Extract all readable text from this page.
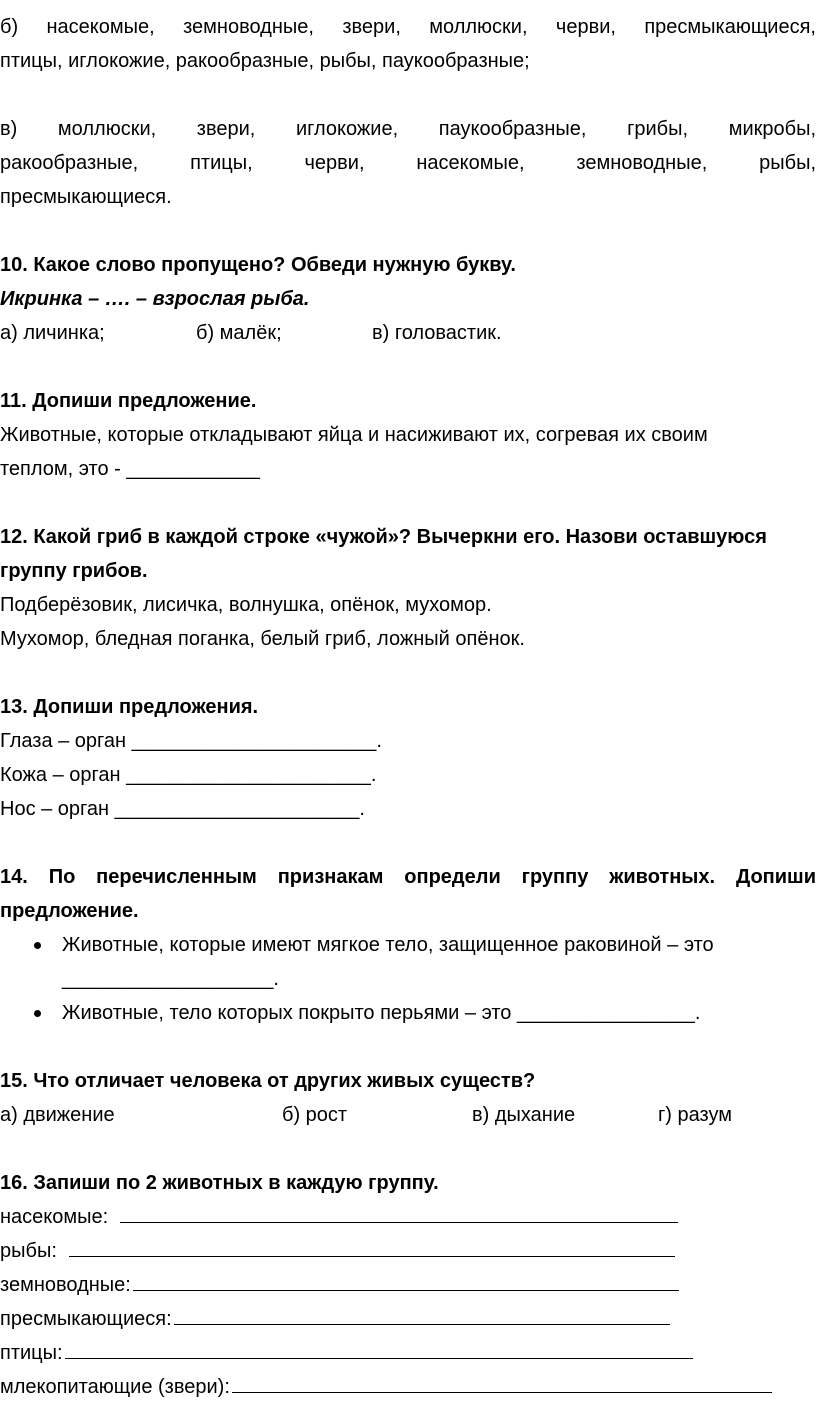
б) насекомые, земноводные, звери, моллюски, черви, пресмыкающиеся,

птицы, иглокожие, ракообразные, рыбы, паукообразные;

в) моллюски, звери, иглокожие, паукообразные, грибы, микробы,

ракообразные, птицы, черви, насекомые, земноводные, рыбы,

пресмыкающиеся.

10. Какое слово пропущено? Обведи нужную букву.

Икринка – …. – взрослая рыба.

а) личинка;	б) малёк;	в) головастик.

11. Допиши предложение.

Животные, которые откладывают яйца и насиживают их, согревая их своим

теплом, это - ____________

12. Какой гриб в каждой строке «чужой»? Вычеркни его. Назови оставшуюся

группу грибов.

Подберёзовик, лисичка, волнушка, опёнок, мухомор.

Мухомор, бледная поганка, белый гриб, ложный опёнок.

13. Допиши предложения.

Глаза – орган ______________________.

Кожа – орган ______________________.

Нос – орган ______________________.

14. По перечисленным признакам определи группу животных. Допиши

предложение.

Животные, которые имеют мягкое тело, защищенное раковиной – это

___________________.

Животные, тело которых покрыто перьями – это ________________.

15. Что отличает человека от других живых существ?

а) движение	б) рост	в) дыхание	г) разум

16. Запиши по 2 животных в каждую группу.

насекомые:
рыбы:
земноводные:
пресмыкающиеся:
птицы:
млекопитающие (звери):
